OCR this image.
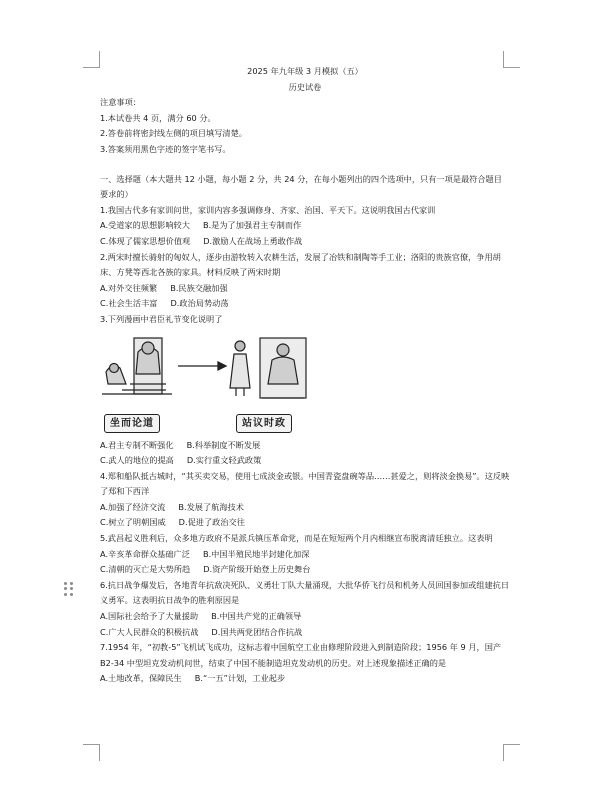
2025 年九年级 3 月模拟（五）
历史试卷
注意事项：
1.本试卷共 4 页，满分 60 分。
2.答卷前将密封线左侧的项目填写清楚。
3.答案须用黑色字迹的签字笔书写。
一、选择题（本大题共 12 小题，每小题 2 分，共 24 分，在每小题列出的四个选项中，只有一项是最符合题目要求的）
1.我国古代多有家训问世，家训内容多强调修身、齐家、治国、平天下。这说明我国古代家训
A.受道家的思想影响较大 B.是为了加强君主专制而作
C.体现了儒家思想价值观 D.激励人在战场上勇敢作战
2.两宋时擅长骑射的匈奴人，逐步由游牧转入农耕生活，发展了冶铁和制陶等手工业；洛阳的贵族官僚，争用胡床、方凳等西北各族的家具。材料反映了两宋时期
A.对外交往频繁 B.民族交融加强
C.社会生活丰富 D.政治局势动荡
3.下列漫画中君臣礼节变化说明了
坐而论道	站议时政
A.君主专制不断强化 B.科举制度不断发展
C.武人的地位的提高 D.实行重文轻武政策
4.郑和船队抵古城时，“其买卖交易，使用七成淡金或银。中国青瓷盘碗等品……甚爱之，则将淡金换易”。这反映了郑和下西洋
A.加强了经济交流 B.发展了航海技术
C.树立了明朝国威 D.促进了政治交往
5.武昌起义胜利后，众多地方政府不是派兵镇压革命党，而是在短短两个月内相继宣布脱离清廷独立。这表明
A.辛亥革命群众基础广泛 B.中国半殖民地半封建化加深
C.清朝的灭亡是大势所趋 D.资产阶级开始登上历史舞台
6.抗日战争爆发后，各地青年抗敌决死队、义勇壮丁队大量涌现，大批华侨飞行员和机务人员回国参加或组建抗日义勇军。这表明抗日战争的胜利原因是
A.国际社会给予了大量援助 B.中国共产党的正确领导
C.广大人民群众的积极抗战 D.国共两党团结合作抗战
7.1954 年，“初教-5”飞机试飞成功，这标志着中国航空工业由修理阶段进入到制造阶段；1956 年 9 月，国产 B2-34 中型坦克发动机问世，结束了中国不能制造坦克发动机的历史。对上述现象描述正确的是
A.土地改革，保障民生 B.“一五”计划，工业起步
